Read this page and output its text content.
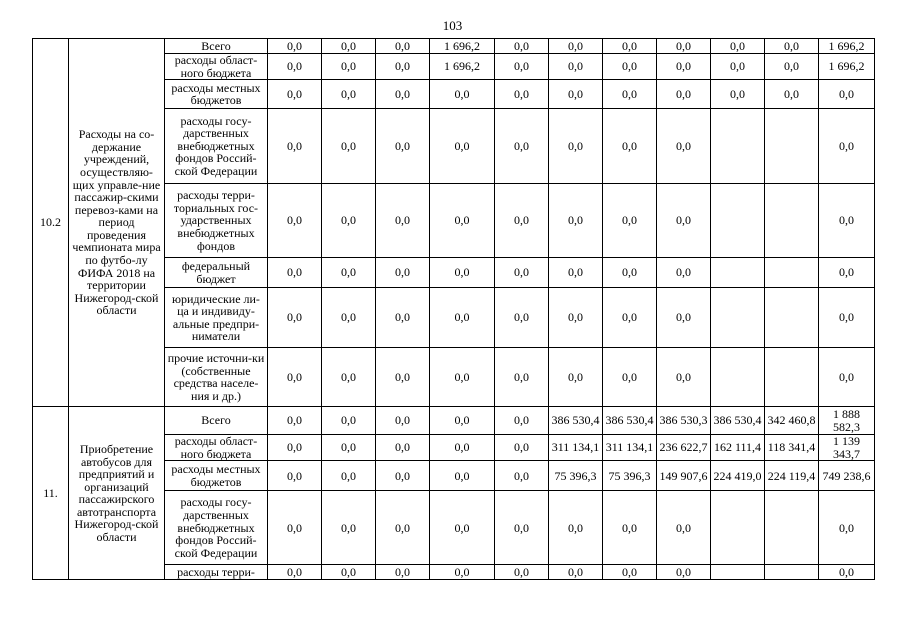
103
10.2	Расходы на со-держание учреждений, осуществляю-щих управле-ние пассажир-скими перевоз-ками на период проведения чемпионата мира по футбо-лу ФИФА 2018 на территории Нижегород-ской области	Всего	0,0	0,0	0,0	1 696,2	0,0	0,0	0,0	0,0	0,0	0,0	1 696,2
		расходы област-ного бюджета	0,0	0,0	0,0	1 696,2	0,0	0,0	0,0	0,0	0,0	0,0	1 696,2
		расходы местных бюджетов	0,0	0,0	0,0	0,0	0,0	0,0	0,0	0,0	0,0	0,0	0,0
		расходы госу-дарственных внебюджетных фондов Россий-ской Федерации	0,0	0,0	0,0	0,0	0,0	0,0	0,0	0,0			0,0
		расходы терри-ториальных гос-ударственных внебюджетных фондов	0,0	0,0	0,0	0,0	0,0	0,0	0,0	0,0			0,0
		федеральный бюджет	0,0	0,0	0,0	0,0	0,0	0,0	0,0	0,0			0,0
		юридические ли-ца и индивиду-альные предпри-ниматели	0,0	0,0	0,0	0,0	0,0	0,0	0,0	0,0			0,0
		прочие источни-ки (собственные средства населе-ния и др.)	0,0	0,0	0,0	0,0	0,0	0,0	0,0	0,0			0,0
11.	Приобретение автобусов для предприятий и организаций пассажирского автотранспорта Нижегород-ской области	Всего	0,0	0,0	0,0	0,0	0,0	386 530,4	386 530,4	386 530,3	386 530,4	342 460,8	1 888 582,3
		расходы област-ного бюджета	0,0	0,0	0,0	0,0	0,0	311 134,1	311 134,1	236 622,7	162 111,4	118 341,4	1 139 343,7
		расходы местных бюджетов	0,0	0,0	0,0	0,0	0,0	75 396,3	75 396,3	149 907,6	224 419,0	224 119,4	749 238,6
		расходы госу-дарственных внебюджетных фондов Россий-ской Федерации	0,0	0,0	0,0	0,0	0,0	0,0	0,0	0,0			0,0
		расходы терри-	0,0	0,0	0,0	0,0	0,0	0,0	0,0	0,0			0,0
